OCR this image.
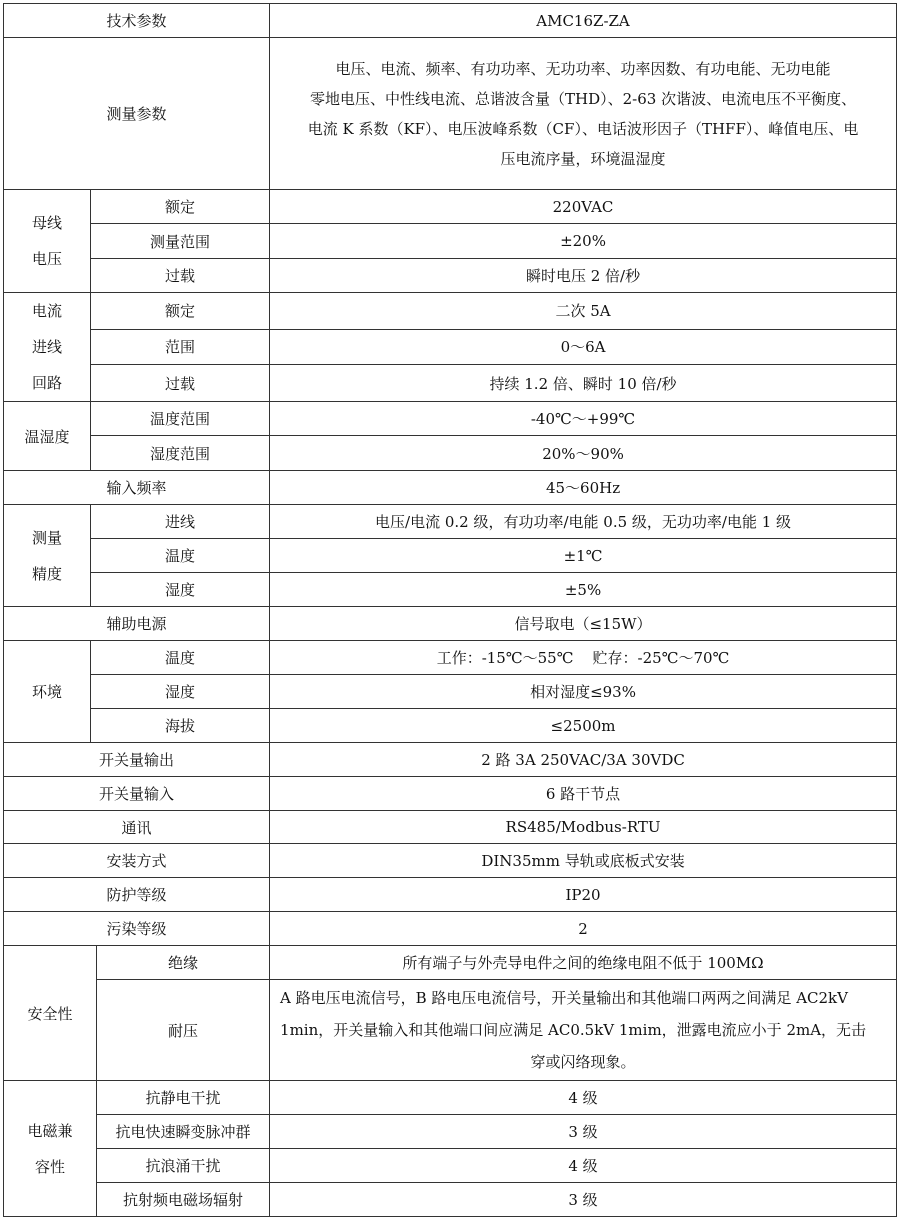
技术参数			AMC16Z-ZA
测量参数			电压、电流、频率、有功功率、无功功率、功率因数、有功电能、无功电能

零地电压、中性线电流、总谐波含量（THD）、2-63 次谐波、电流电压不平衡度、

电流 K 系数（KF）、电压波峰系数（CF）、电话波形因子（THFF）、峰值电压、电

压电流序量，环境温湿度

母线
电压	额定		220VAC
	测量范围		±20%
	过载		瞬时电压 2 倍/秒

电流
进线
回路	额定		二次 5A
	范围		0～6A
	过载		持续 1.2 倍、瞬时 10 倍/秒
温湿度	温度范围		-40℃～+99℃
	湿度范围		20%～90%
输入频率			45～60Hz

测量
精度	进线		电压/电流 0.2 级，有功功率/电能 0.5 级，无功功率/电能 1 级
	温度		±1℃
	湿度		±5%
辅助电源			信号取电（≤15W）
环境	温度		工作：-15℃～55℃    贮存：-25℃～70℃
	湿度		相对湿度≤93%
	海拔		≤2500m
开关量输出			2 路 3A 250VAC/3A 30VDC
开关量输入			6 路干节点
通讯			RS485/Modbus-RTU
安装方式			DIN35mm 导轨或底板式安装
防护等级			IP20
污染等级			2
安全性		绝缘	所有端子与外壳导电件之间的绝缘电阻不低于 100MΩ
		耐压	A 路电压电流信号，B 路电压电流信号，开关量输出和其他端口两两之间满足 AC2kV
1min，开关量输入和其他端口间应满足 AC0.5kV 1mim，泄露电流应小于 2mA，无击
穿或闪络现象。

电磁兼
容性		抗静电干扰	4 级
		抗电快速瞬变脉冲群	3 级
		抗浪涌干扰	4 级
		抗射频电磁场辐射	3 级
